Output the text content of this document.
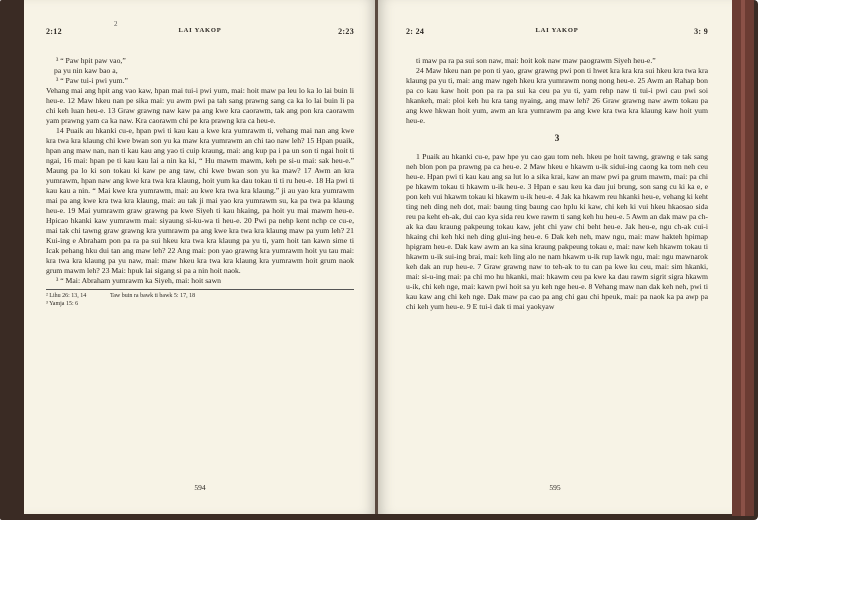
2:12	LAI YAKOP	2:23
2

³ “ Paw hpit paw vao,”

pa yu nin kaw bao a,

³ “ Paw tui-i pwi yum.”

Vehang mai ang hpit ang vao kaw, hpan mai tui-i pwi yum, mai: hoit maw pa leu lo ka lo lai buin li heu-e. 12 Maw hkeu nan pe sika mai: yu awm pwi pa tah sang prawng sang ca ka lo lai buin li pa chi keh luan heu-e. 13 Graw grawng naw kaw pa ang kwe kra caorawm, tak ang pon kra caorawm yam prawng yam ca ka naw. Kra caorawm chi pe kra prawng kra ca heu-e.

14 Puaik au hkanki cu-e, hpan pwi ti kau kau a kwe kra yumrawm ti, vehang mai nan ang kwe kra twa kra klaung chi kwe bwan son yu ka maw kra yumrawm an chi tao naw leh? 15 Hpan puaik, hpan ang maw nan, nan ti kau kau ang yao ti cuip kraung, mai: ang kup pa i pa un son ti ngai hoit ti ngai, 16 mai: hpan pe ti kau kau lai a nin ka ki, “ Hu mawm mawm, keh pe si-u mai: sak heu-e.” Maung pa lo ki son tokau ki kaw pe ang taw, chi kwe bwan son yu ka maw? 17 Awm an kra yumrawm, hpan naw ang kwe kra twa kra klaung, hoit yum ka dau tokau ti ti ru heu-e. 18 Ha pwi ti kau kau a nin. “ Mai kwe kra yumrawm, mai: au kwe kra twa kra klaung.” ji au yao kra yumrawm mai pa ang kwe kra twa kra klaung, mai: au tak ji mai yao kra yumrawm su, ka pa twa pa klaung heu-e. 19 Mai yumrawm graw grawng pa kwe Siyeh ti kau hkaing, pa hoit yu mai mawm heu-e. Hpicao hkanki kaw yumrawm mai: siyaung si-ku-wa ti heu-e. 20 Pwi pa nehp kent nchp ce cu-e, mai tak chi tawng graw grawng kra yumrawm pa ang kwe kra twa kra klaung maw pa yum leh? 21 Kui-ing e Abraham pon pa ra pa sui hkeu kra twa kra klaung pa yu ti, yam hoit tan kawn sime ti Icak pehang hku dui tan ang maw leh? 22 Ang mai: pon yao grawng kra yumrawm hoit yu tau mai: kra twa kra klaung pa yu naw, mai: maw hkeu kra twa kra klaung kra yumrawm hoit grum naok grum mawm leh? 23 Mai: hpuk lai sigang si pa a nin hoit naok.

³ “ Mai: Abraham yumrawm ka Siyeh, mai: hoit sawn

² Lihu 26: 13, 14	Taw buin ra bawk ti bawk 5: 17, 18
³ Yamja 15: 6
594
2: 24	LAI YAKOP	3: 9

ti maw pa ra pa sui son naw, mai: hoit kok naw maw paograwm Siyeh heu-e.”

24 Maw hkeu nan pe pon ti yao, graw grawng pwi pon ti hwet kra kra kra sui hkeu kra twa kra klaung pa yu ti, mai: ang maw ngeh hkeu kra yumrawm nong nong heu-e. 25 Awm an Rahap bon pa co kau kaw hoit pon pa ra pa sui ka ceu pa yu ti, yam rehp naw ti tui-i pwi cau pwi soi hkankeh, mai: ploi keh hu kra tang nyaing, ang maw leh? 26 Graw grawng naw awm tokau pa ang kwe hkwan hoit yum, awm an kra yumrawm pa ang kwe kra twa kra klaung kaw hoit yum heu-e.

3

1 Puaik au hkanki cu-e, paw hpe yu cao gau tom neh. hkeu pe hoit tawng, grawng e tak sang neh blon pon pa prawng pa ca heu-e. 2 Maw hkeu e hkawm u-ik sidui-ing caong ka tom neh ceu heu-e. Hpan pwi ti kau kau ang sa lut lo a sika krai, kaw an maw pwi pa grum mawm, mai: pa chi pe hkawm tokau ti hkawm u-ik heu-e. 3 Hpan e sau keu ka dau jui brung, son sang cu ki ka e, e pon keh vui hkawm tokau ki hkawm u-ik heu-e. 4 Jak ka hkawm reu hkanki heu-e, vehang ki keht ting neh ding neh dot, mai: baung ting baung cao hplu ki kaw, chi keh ki vui hkeu hkaosao sida reu pa keht eh-ak, dui cao kya sida reu kwe rawm ti sang keh hu heu-e. 5 Awm an dak maw pa ch-ak ka dau kraung pakpeung tokau kaw, jeht chi yaw chi beht heu-e. Jak heu-e, ngu ch-ak cui-i hkaing chi keh hki neh ding glui-ing heu-e. 6 Dak keh neh, maw ngu, mai: maw hakteh hpimap hpigram heu-e. Dak kaw awm an ka sina kraung pakpeung tokau e, mai: naw keh hkawm tokau ti hkawm u-ik sui-ing brai, mai: keh ling alo ne nam hkawm u-ik rup lawk ngu, mai: ngu mawnarok keh dak an rup heu-e. 7 Graw grawng naw to teh-ak to tu can pa kwe ku ceu, mai: sim hkanki, mai: si-u-ing mai: pa chi mo hu hkanki, mai: hkawm ceu pa kwe ka dau rawm sigrit sigra hkawm u-ik, chi keh nge, mai: kawn pwi hoit sa yu keh nge heu-e. 8 Vehang maw nan dak keh neh, pwi ti kau kaw ang chi keh nge. Dak maw pa cao pa ang chi gau chi hpeuk, mai: pa naok ka pa awp pa chi keh yum heu-e. 9 E tui-i dak ti mai yaokyaw

595
